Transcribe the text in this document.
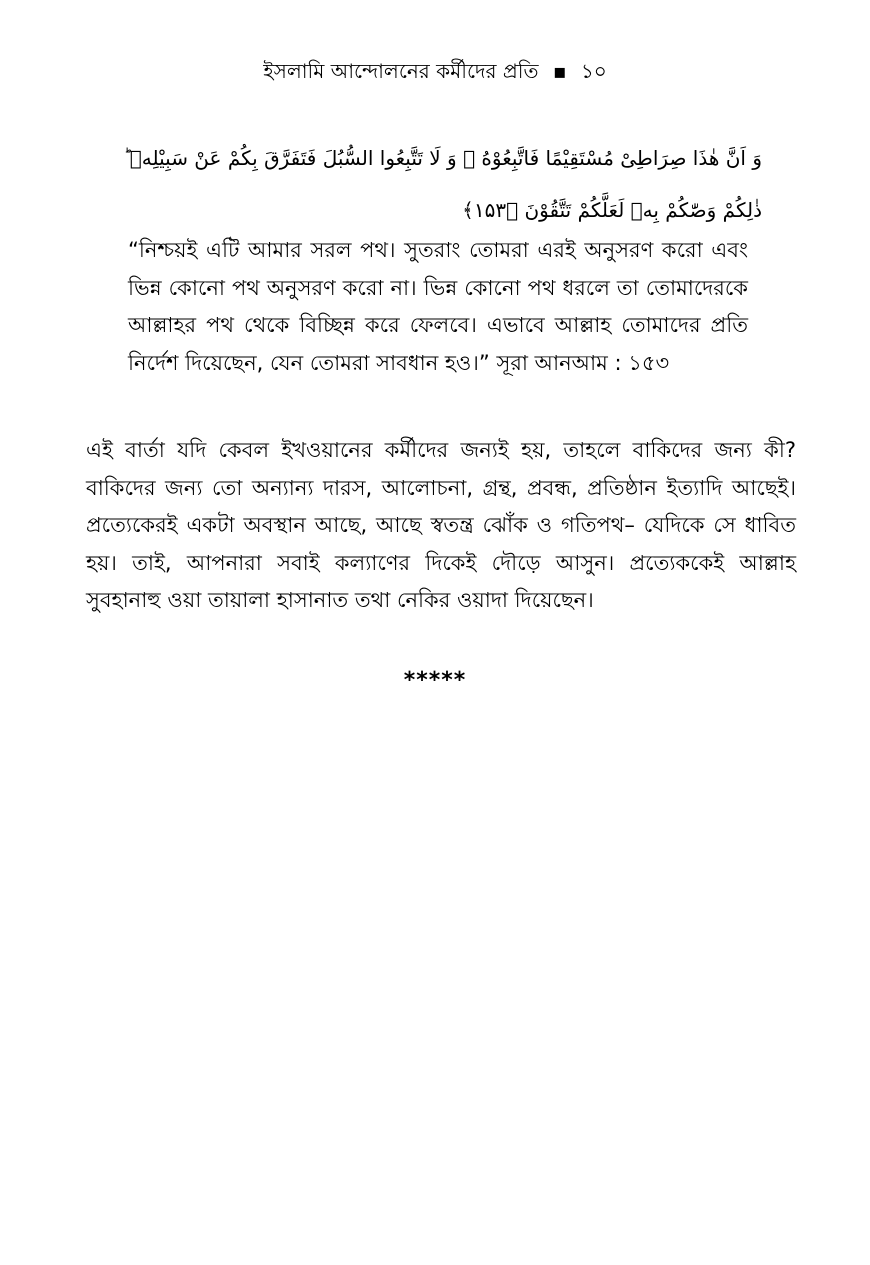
ইসলামি আন্দোলনের কর্মীদের প্রতি ▪ ১০
وَ اَنَّ هٰذَا صِرَاطِیْ مُسْتَقِیْمًا فَاتَّبِعُوْهُ ۚ وَ لَا تَتَّبِعُوا السُّبُلَ فَتَفَرَّقَ بِكُمْ عَنْ سَبِیْلِهٖ ؕ
ذٰلِكُمْ وَصّٰكُمْ بِهٖ لَعَلَّكُمْ تَتَّقُوْنَ ﴿۱۵۳﴾
“নিশ্চয়ই এটি আমার সরল পথ। সুতরাং তোমরা এরই অনুসরণ করো এবং ভিন্ন কোনো পথ অনুসরণ করো না। ভিন্ন কোনো পথ ধরলে তা তোমাদেরকে আল্লাহর পথ থেকে বিচ্ছিন্ন করে ফেলবে। এভাবে আল্লাহ তোমাদের প্রতি নির্দেশ দিয়েছেন, যেন তোমরা সাবধান হও।” সূরা আনআম : ১৫৩
এই বার্তা যদি কেবল ইখওয়ানের কর্মীদের জন্যই হয়, তাহলে বাকিদের জন্য কী? বাকিদের জন্য তো অন্যান্য দারস, আলোচনা, গ্রন্থ, প্রবন্ধ, প্রতিষ্ঠান ইত্যাদি আছেই। প্রত্যেকেরই একটা অবস্থান আছে, আছে স্বতন্ত্র ঝোঁক ও গতিপথ– যেদিকে সে ধাবিত হয়। তাই, আপনারা সবাই কল্যাণের দিকেই দৌড়ে আসুন। প্রত্যেককেই আল্লাহ সুবহানাহু ওয়া তায়ালা হাসানাত তথা নেকির ওয়াদা দিয়েছেন।
*****
